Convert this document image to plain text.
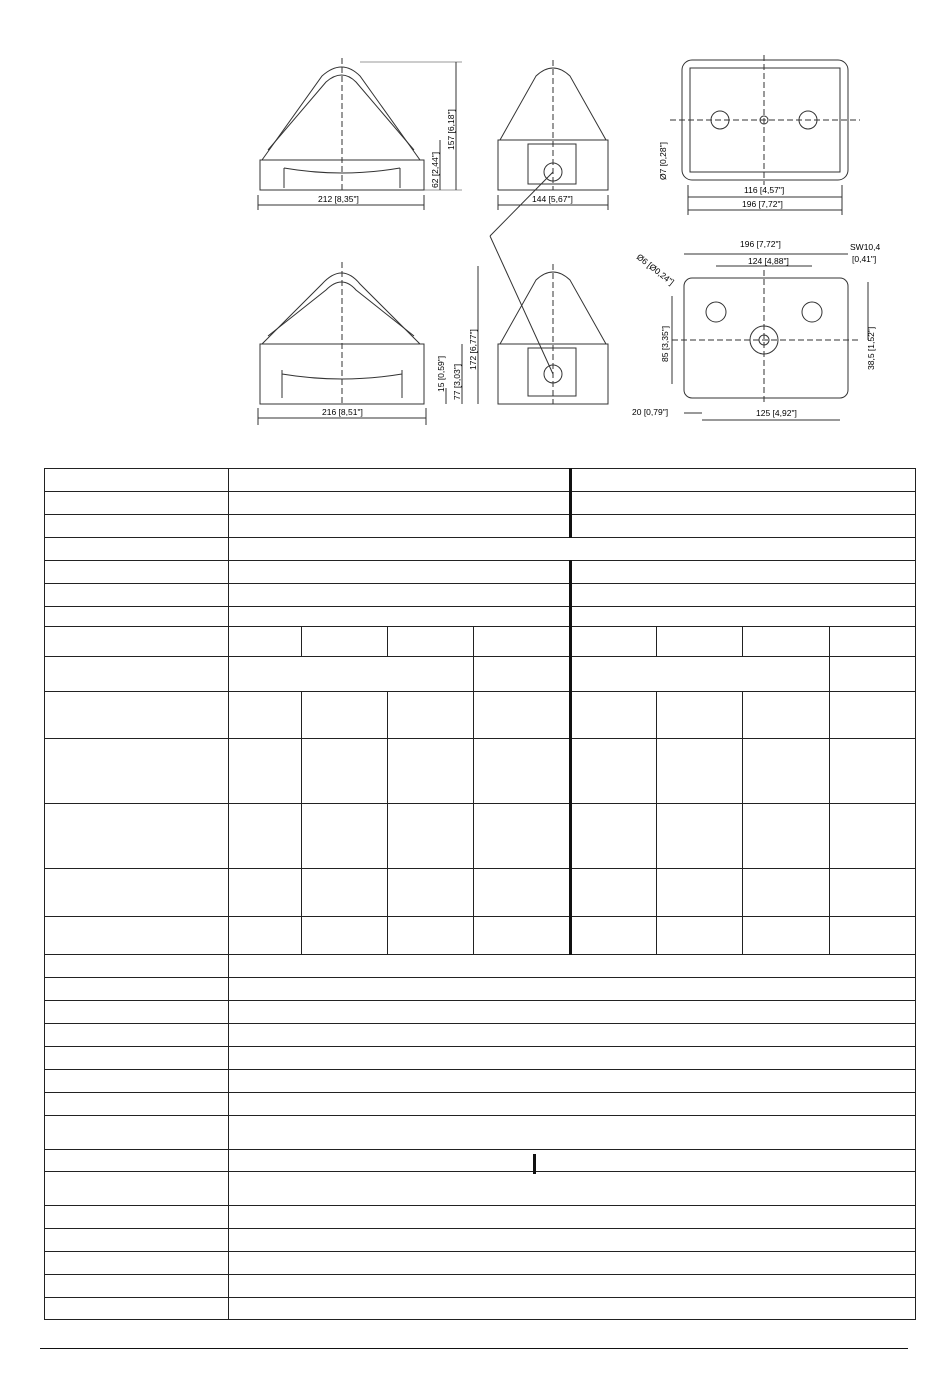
212 [8,35"]
157 [6,18"]
62 [2,44"]
144 [5,67"]
Ø7 [0,28"]
116 [4,57"]
196 [7,72"]
216 [8,51"]
172 [6,77"]
77 [3,03"]
15 [0,59"]
196 [7,72"]
124 [4,88"]
SW10,4
[0,41"]
Ø6 [Ø0,24"]
85 [3,35"]	38,5 [1,52"]
20 [0,79"]	125 [4,92"]
